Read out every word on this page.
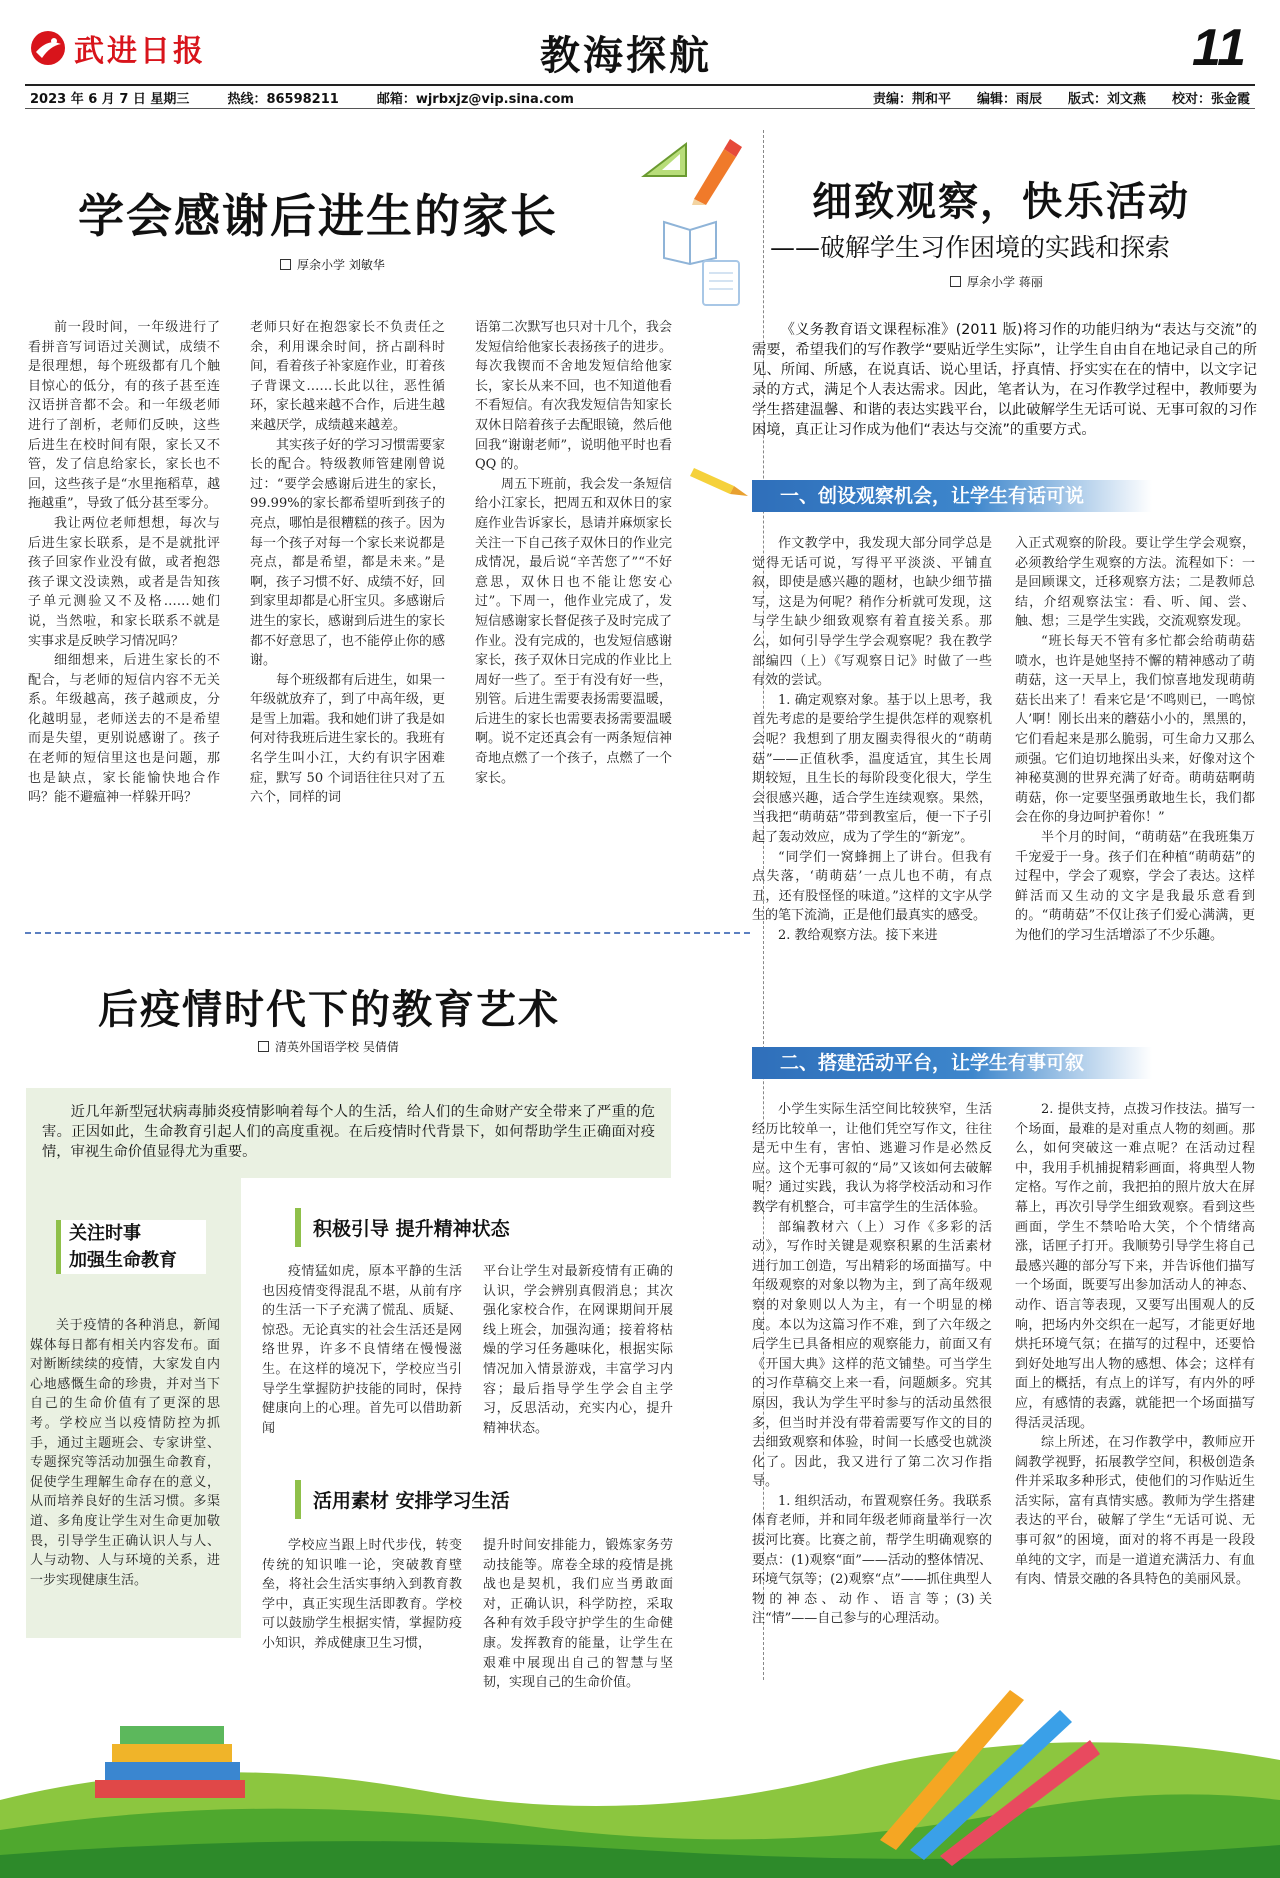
武进日报	教海探航	11
2023 年 6 月 7 日 星期三	热线：86598211	邮箱：wjrbxjz@vip.sina.com	责编：荆和平 编辑：雨辰 版式：刘文燕 校对：张金霞
学会感谢后进生的家长
厚余小学 刘敏华

前一段时间，一年级进行了看拼音写词语过关测试，成绩不是很理想，每个班级都有几个触目惊心的低分，有的孩子甚至连汉语拼音都不会。和一年级老师进行了剖析，老师们反映，这些后进生在校时间有限，家长又不管，发了信息给家长，家长也不回，这些孩子是“水里拖稻草，越拖越重”，导致了低分甚至零分。

我让两位老师想想，每次与后进生家长联系，是不是就批评孩子回家作业没有做，或者抱怨孩子课文没读熟，或者是告知孩子单元测验又不及格……她们说，当然啦，和家长联系不就是实事求是反映学习情况吗？

细细想来，后进生家长的不配合，与老师的短信内容不无关系。年级越高，孩子越顽皮，分化越明显，老师送去的不是希望而是失望，更别说感谢了。孩子在老师的短信里这也是问题，那也是缺点，家长能愉快地合作吗？能不避瘟神一样躲开吗？

老师只好在抱怨家长不负责任之余，利用课余时间，挤占副科时间，看着孩子补家庭作业，盯着孩子背课文……长此以往，恶性循环，家长越来越不合作，后进生越来越厌学，成绩越来越差。

其实孩子好的学习习惯需要家长的配合。特级教师管建刚曾说过：“要学会感谢后进生的家长，99.99%的家长都希望听到孩子的亮点，哪怕是很糟糕的孩子。因为每一个孩子对每一个家长来说都是亮点，都是希望，都是未来。”是啊，孩子习惯不好、成绩不好，回到家里却都是心肝宝贝。多感谢后进生的家长，感谢到后进生的家长都不好意思了，也不能停止你的感谢。

每个班级都有后进生，如果一年级就放弃了，到了中高年级，更是雪上加霜。我和她们讲了我是如何对待我班后进生家长的。我班有名学生叫小江，大约有识字困难症，默写 50 个词语往往只对了五六个，同样的词

语第二次默写也只对十几个，我会发短信给他家长表扬孩子的进步。每次我锲而不舍地发短信给他家长，家长从来不回，也不知道他看不看短信。有次我发短信告知家长双休日陪着孩子去配眼镜，然后他回我“谢谢老师”，说明他平时也看 QQ 的。

周五下班前，我会发一条短信给小江家长，把周五和双休日的家庭作业告诉家长，恳请并麻烦家长关注一下自己孩子双休日的作业完成情况，最后说“辛苦您了”“不好意思，双休日也不能让您安心过”。下周一，他作业完成了，发短信感谢家长督促孩子及时完成了作业。没有完成的，也发短信感谢家长，孩子双休日完成的作业比上周好一些了。至于有没有好一些，别管。后进生需要表扬需要温暖，后进生的家长也需要表扬需要温暖啊。说不定还真会有一两条短信神奇地点燃了一个孩子，点燃了一个家长。

后疫情时代下的教育艺术
清英外国语学校 吴倩倩
近几年新型冠状病毒肺炎疫情影响着每个人的生活，给人们的生命财产安全带来了严重的危害。正因如此，生命教育引起人们的高度重视。在后疫情时代背景下，如何帮助学生正确面对疫情，审视生命价值显得尤为重要。
关注时事
加强生命教育

关于疫情的各种消息，新闻媒体每日都有相关内容发布。面对断断续续的疫情，大家发自内心地感慨生命的珍贵，并对当下自己的生命价值有了更深的思考。学校应当以疫情防控为抓手，通过主题班会、专家讲堂、专题探究等活动加强生命教育，促使学生理解生命存在的意义，从而培养良好的生活习惯。多渠道、多角度让学生对生命更加敬畏，引导学生正确认识人与人、人与动物、人与环境的关系，进一步实现健康生活。

积极引导 提升精神状态

疫情猛如虎，原本平静的生活也因疫情变得混乱不堪，从前有序的生活一下子充满了慌乱、质疑、惊恐。无论真实的社会生活还是网络世界，许多不良情绪在慢慢滋生。在这样的境况下，学校应当引导学生掌握防护技能的同时，保持健康向上的心理。首先可以借助新闻

平台让学生对最新疫情有正确的认识，学会辨别真假消息；其次强化家校合作，在网课期间开展线上班会，加强沟通；接着将枯燥的学习任务趣味化，根据实际情况加入情景游戏，丰富学习内容；最后指导学生学会自主学习，反思活动，充实内心，提升精神状态。

活用素材 安排学习生活

学校应当跟上时代步伐，转变传统的知识唯一论，突破教育壁垒，将社会生活实事纳入到教育教学中，真正实现生活即教育。学校可以鼓励学生根据实情，掌握防疫小知识，养成健康卫生习惯，

提升时间安排能力，锻炼家务劳动技能等。席卷全球的疫情是挑战也是契机，我们应当勇敢面对，正确认识，科学防控，采取各种有效手段守护学生的生命健康。发挥教育的能量，让学生在艰难中展现出自己的智慧与坚韧，实现自己的生命价值。

细致观察，快乐活动
——破解学生习作困境的实践和探索
厚余小学 蒋丽
《义务教育语文课程标准》(2011 版)将习作的功能归纳为“表达与交流”的需要，希望我们的写作教学“要贴近学生实际”，让学生自由自在地记录自己的所见、所闻、所感，在说真话、说心里话，抒真情、抒实实在在的情中，以文字记录的方式，满足个人表达需求。因此，笔者认为，在习作教学过程中，教师要为学生搭建温馨、和谐的表达实践平台，以此破解学生无话可说、无事可叙的习作困境，真正让习作成为他们“表达与交流”的重要方式。
一、创设观察机会，让学生有话可说

作文教学中，我发现大部分同学总是觉得无话可说，写得平平淡淡、平铺直叙，即使是感兴趣的题材，也缺少细节描写，这是为何呢？稍作分析就可发现，这与学生缺少细致观察有着直接关系。那么，如何引导学生学会观察呢？我在教学部编四（上）《写观察日记》时做了一些有效的尝试。

1. 确定观察对象。基于以上思考，我首先考虑的是要给学生提供怎样的观察机会呢？我想到了朋友圈卖得很火的“萌萌菇”——正值秋季，温度适宜，其生长周期较短，且生长的每阶段变化很大，学生会很感兴趣，适合学生连续观察。果然，当我把“萌萌菇”带到教室后，便一下子引起了轰动效应，成为了学生的“新宠”。

“同学们一窝蜂拥上了讲台。但我有点失落，‘萌萌菇’一点儿也不萌，有点丑，还有股怪怪的味道。”这样的文字从学生的笔下流淌，正是他们最真实的感受。

2. 教给观察方法。接下来进

入正式观察的阶段。要让学生学会观察，必须教给学生观察的方法。流程如下：一是回顾课文，迁移观察方法；二是教师总结，介绍观察法宝：看、听、闻、尝、触、想；三是学生实践，交流观察发现。

“班长每天不管有多忙都会给萌萌菇喷水，也许是她坚持不懈的精神感动了萌萌菇，这一天早上，我们惊喜地发现萌萌菇长出来了！看来它是‘不鸣则已，一鸣惊人’啊！刚长出来的蘑菇小小的，黑黑的，它们看起来是那么脆弱，可生命力又那么顽强。它们迫切地探出头来，好像对这个神秘莫测的世界充满了好奇。萌萌菇啊萌萌菇，你一定要坚强勇敢地生长，我们都会在你的身边呵护着你！”

半个月的时间，“萌萌菇”在我班集万千宠爱于一身。孩子们在种植“萌萌菇”的过程中，学会了观察，学会了表达。这样鲜活而又生动的文字是我最乐意看到的。“萌萌菇”不仅让孩子们爱心满满，更为他们的学习生活增添了不少乐趣。

二、搭建活动平台，让学生有事可叙

小学生实际生活空间比较狭窄，生活经历比较单一，让他们凭空写作文，往往是无中生有，害怕、逃避习作是必然反应。这个无事可叙的“局”又该如何去破解呢？通过实践，我认为将学校活动和习作教学有机整合，可丰富学生的生活体验。

部编教材六（上）习作《多彩的活动》，写作时关键是观察积累的生活素材进行加工创造，写出精彩的场面描写。中年级观察的对象以物为主，到了高年级观察的对象则以人为主，有一个明显的梯度。本以为这篇习作不难，到了六年级之后学生已具备相应的观察能力，前面又有《开国大典》这样的范文铺垫。可当学生的习作草稿交上来一看，问题颇多。究其原因，我认为学生平时参与的活动虽然很多，但当时并没有带着需要写作文的目的去细致观察和体验，时间一长感受也就淡化了。因此，我又进行了第二次习作指导。

1. 组织活动，布置观察任务。我联系体育老师，并和同年级老师商量举行一次拔河比赛。比赛之前，帮学生明确观察的要点：(1)观察“面”——活动的整体情况、环境气氛等；(2)观察“点”——抓住典型人物的神态、动作、语言等；(3)关注“情”——自己参与的心理活动。

2. 提供支持，点拨习作技法。描写一个场面，最难的是对重点人物的刻画。那么，如何突破这一难点呢？在活动过程中，我用手机捕捉精彩画面，将典型人物定格。写作之前，我把拍的照片放大在屏幕上，再次引导学生细致观察。看到这些画面，学生不禁哈哈大笑，个个情绪高涨，话匣子打开。我顺势引导学生将自己最感兴趣的部分写下来，并告诉他们描写一个场面，既要写出参加活动人的神态、动作、语言等表现，又要写出围观人的反响，把场内外交织在一起写，才能更好地烘托环境气氛；在描写的过程中，还要恰到好处地写出人物的感想、体会；这样有面上的概括，有点上的详写，有内外的呼应，有感情的表露，就能把一个场面描写得活灵活现。

综上所述，在习作教学中，教师应开阔教学视野，拓展教学空间，积极创造条件并采取多种形式，使他们的习作贴近生活实际，富有真情实感。教师为学生搭建表达的平台，破解了学生“无话可说、无事可叙”的困境，面对的将不再是一段段单纯的文字，而是一道道充满活力、有血有肉、情景交融的各具特色的美丽风景。
